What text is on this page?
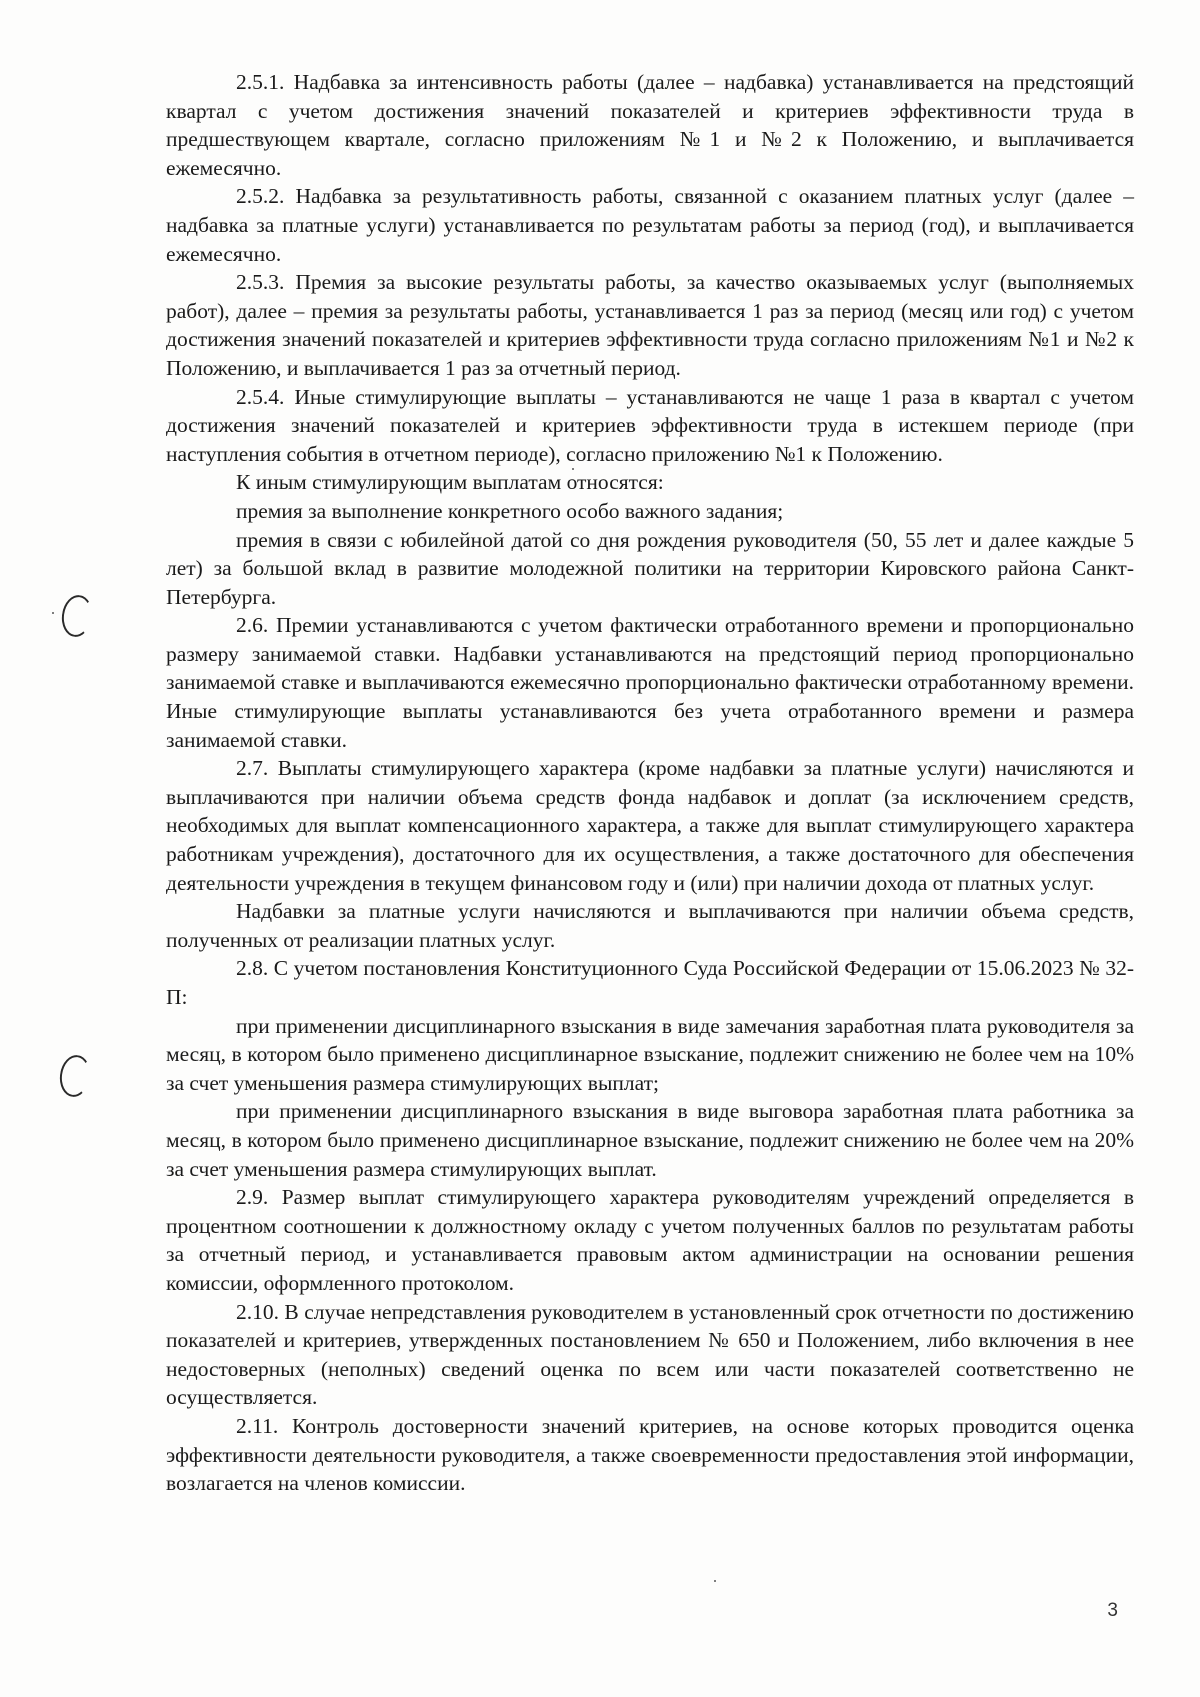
2.5.1. Надбавка за интенсивность работы (далее – надбавка) устанавливается на предстоящий квартал с учетом достижения значений показателей и критериев эффективности труда в предшествующем квартале, согласно приложениям №1 и №2 к Положению, и выплачивается ежемесячно.

2.5.2. Надбавка за результативность работы, связанной с оказанием платных услуг (далее – надбавка за платные услуги) устанавливается по результатам работы за период (год), и выплачивается ежемесячно.

2.5.3. Премия за высокие результаты работы, за качество оказываемых услуг (выполняемых работ), далее – премия за результаты работы, устанавливается 1 раз за период (месяц или год) с учетом достижения значений показателей и критериев эффективности труда согласно приложениям №1 и №2 к Положению, и выплачивается 1 раз за отчетный период.

2.5.4. Иные стимулирующие выплаты – устанавливаются не чаще 1 раза в квартал с учетом достижения значений показателей и критериев эффективности труда в истекшем периоде (при наступления события в отчетном периоде), согласно приложению №1 к Положению.

К иным стимулирующим выплатам относятся:

премия за выполнение конкретного особо важного задания;

премия в связи с юбилейной датой со дня рождения руководителя (50, 55 лет и далее каждые 5 лет) за большой вклад в развитие молодежной политики на территории Кировского района Санкт-Петербурга.

2.6. Премии устанавливаются с учетом фактически отработанного времени и пропорционально размеру занимаемой ставки. Надбавки устанавливаются на предстоящий период пропорционально занимаемой ставке и выплачиваются ежемесячно пропорционально фактически отработанному времени. Иные стимулирующие выплаты устанавливаются без учета отработанного времени и размера занимаемой ставки.

2.7. Выплаты стимулирующего характера (кроме надбавки за платные услуги) начисляются и выплачиваются при наличии объема средств фонда надбавок и доплат (за исключением средств, необходимых для выплат компенсационного характера, а также для выплат стимулирующего характера работникам учреждения), достаточного для их осуществления, а также достаточного для обеспечения деятельности учреждения в текущем финансовом году и (или) при наличии дохода от платных услуг.

Надбавки за платные услуги начисляются и выплачиваются при наличии объема средств, полученных от реализации платных услуг.

2.8. С учетом постановления Конституционного Суда Российской Федерации от 15.06.2023 № 32-П:

при применении дисциплинарного взыскания в виде замечания заработная плата руководителя за месяц, в котором было применено дисциплинарное взыскание, подлежит снижению не более чем на 10% за счет уменьшения размера стимулирующих выплат;

при применении дисциплинарного взыскания в виде выговора заработная плата работника за месяц, в котором было применено дисциплинарное взыскание, подлежит снижению не более чем на 20% за счет уменьшения размера стимулирующих выплат.

2.9. Размер выплат стимулирующего характера руководителям учреждений определяется в процентном соотношении к должностному окладу с учетом полученных баллов по результатам работы за отчетный период, и устанавливается правовым актом администрации на основании решения комиссии, оформленного протоколом.

2.10. В случае непредставления руководителем в установленный срок отчетности по достижению показателей и критериев, утвержденных постановлением № 650 и Положением, либо включения в нее недостоверных (неполных) сведений оценка по всем или части показателей соответственно не осуществляется.

2.11. Контроль достоверности значений критериев, на основе которых проводится оценка эффективности деятельности руководителя, а также своевременности предоставления этой информации, возлагается на членов комиссии.

3
